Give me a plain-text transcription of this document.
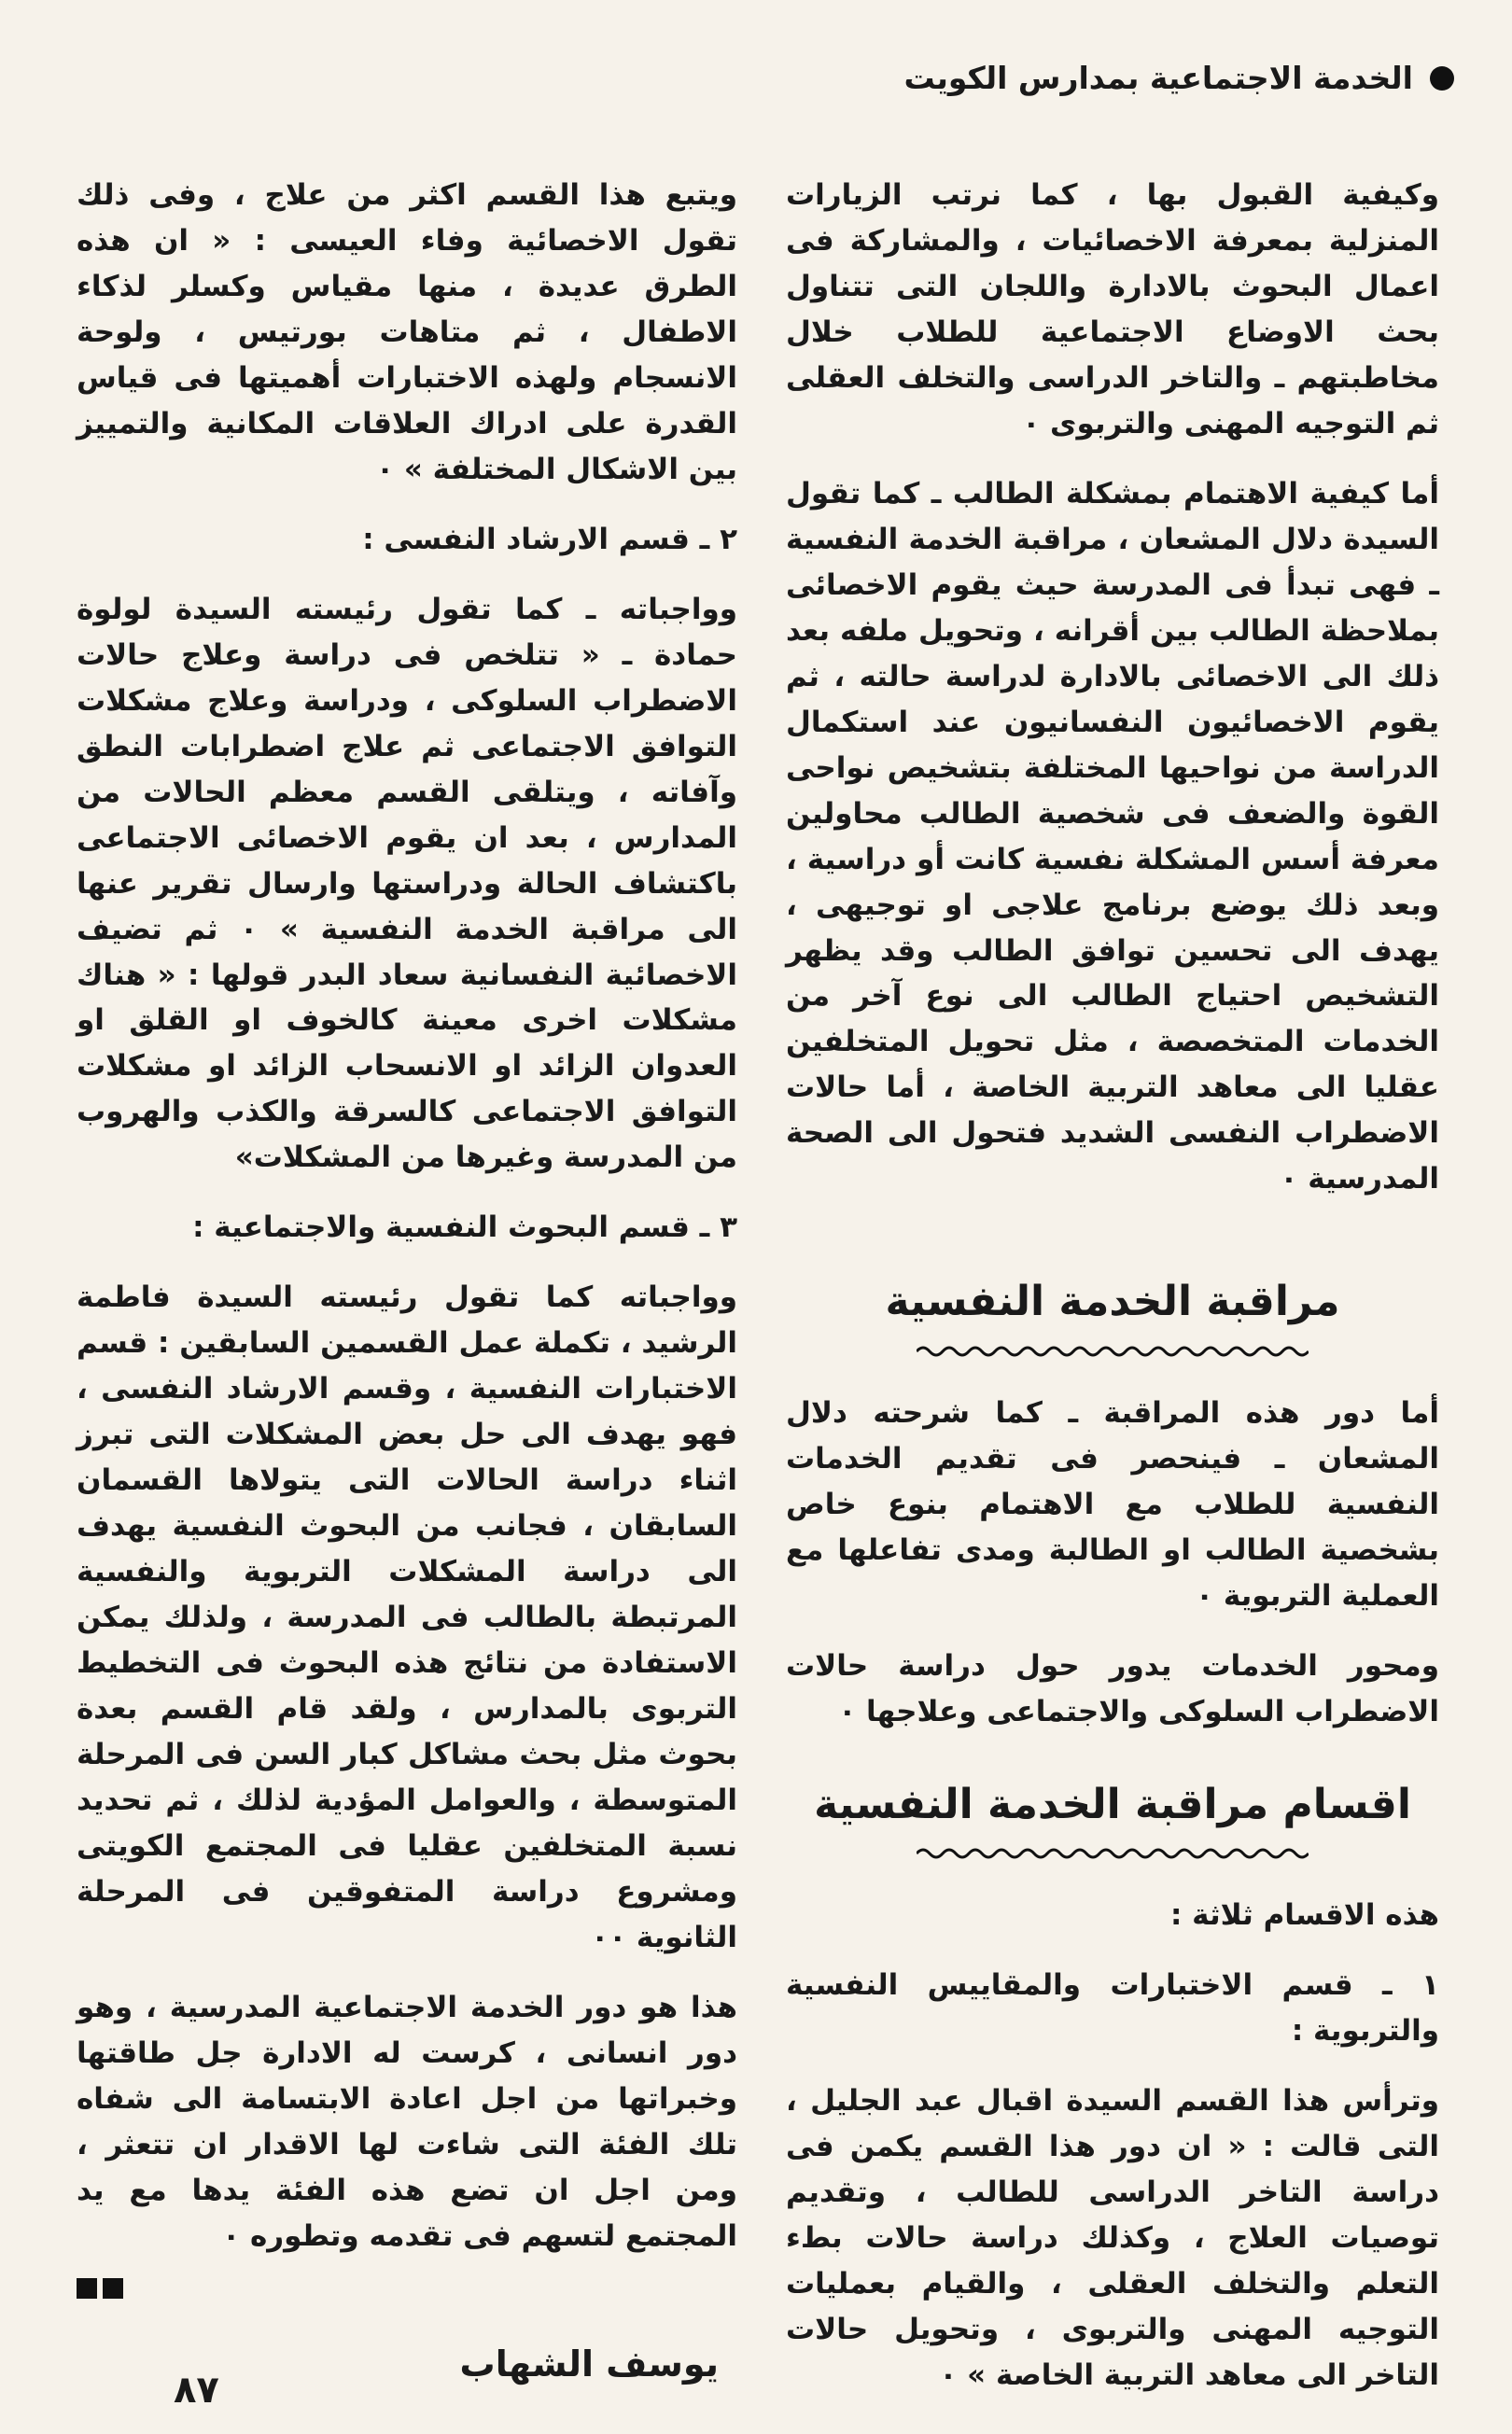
الخدمة الاجتماعية بمدارس الكويت

وكيفية القبول بها ، كما نرتب الزيارات المنزلية بمعرفة الاخصائيات ، والمشاركة فى اعمال البحوث بالادارة واللجان التى تتناول بحث الاوضاع الاجتماعية للطلاب خلال مخاطبتهم ـ والتاخر الدراسى والتخلف العقلى ثم التوجيه المهنى والتربوى ٠

أما كيفية الاهتمام بمشكلة الطالب ـ كما تقول السيدة دلال المشعان ، مراقبة الخدمة النفسية ـ فهى تبدأ فى المدرسة حيث يقوم الاخصائى بملاحظة الطالب بين أقرانه ، وتحويل ملفه بعد ذلك الى الاخصائى بالادارة لدراسة حالته ، ثم يقوم الاخصائيون النفسانيون عند استكمال الدراسة من نواحيها المختلفة بتشخيص نواحى القوة والضعف فى شخصية الطالب محاولين معرفة أسس المشكلة نفسية كانت أو دراسية ، وبعد ذلك يوضع برنامج علاجى او توجيهى ، يهدف الى تحسين توافق الطالب وقد يظهر التشخيص احتياج الطالب الى نوع آخر من الخدمات المتخصصة ، مثل تحويل المتخلفين عقليا الى معاهد التربية الخاصة ، أما حالات الاضطراب النفسى الشديد فتحول الى الصحة المدرسية ٠

مراقبة الخدمة النفسية

أما دور هذه المراقبة ـ كما شرحته دلال المشعان ـ فينحصر فى تقديم الخدمات النفسية للطلاب مع الاهتمام بنوع خاص بشخصية الطالب او الطالبة ومدى تفاعلها مع العملية التربوية ٠

ومحور الخدمات يدور حول دراسة حالات الاضطراب السلوكى والاجتماعى وعلاجها ٠

اقسام مراقبة الخدمة النفسية

هذه الاقسام ثلاثة :

١ ـ قسم الاختبارات والمقاييس النفسية والتربوية :

وترأس هذا القسم السيدة اقبال عبد الجليل ، التى قالت : « ان دور هذا القسم يكمن فى دراسة التاخر الدراسى للطالب ، وتقديم توصيات العلاج ، وكذلك دراسة حالات بطء التعلم والتخلف العقلى ، والقيام بعمليات التوجيه المهنى والتربوى ، وتحويل حالات التاخر الى معاهد التربية الخاصة » ٠

ويتبع هذا القسم اكثر من علاج ، وفى ذلك تقول الاخصائية وفاء العيسى : « ان هذه الطرق عديدة ، منها مقياس وكسلر لذكاء الاطفال ، ثم متاهات بورتيس ، ولوحة الانسجام ولهذه الاختبارات أهميتها فى قياس القدرة على ادراك العلاقات المكانية والتمييز بين الاشكال المختلفة » ٠

٢ ـ قسم الارشاد النفسى :

وواجباته ـ كما تقول رئيسته السيدة لولوة حمادة ـ « تتلخص فى دراسة وعلاج حالات الاضطراب السلوكى ، ودراسة وعلاج مشكلات التوافق الاجتماعى ثم علاج اضطرابات النطق وآفاته ، ويتلقى القسم معظم الحالات من المدارس ، بعد ان يقوم الاخصائى الاجتماعى باكتشاف الحالة ودراستها وارسال تقرير عنها الى مراقبة الخدمة النفسية » ٠ ثم تضيف الاخصائية النفسانية سعاد البدر قولها : « هناك مشكلات اخرى معينة كالخوف او القلق او العدوان الزائد او الانسحاب الزائد او مشكلات التوافق الاجتماعى كالسرقة والكذب والهروب من المدرسة وغيرها من المشكلات»

٣ ـ قسم البحوث النفسية والاجتماعية :

وواجباته كما تقول رئيسته السيدة فاطمة الرشيد ، تكملة عمل القسمين السابقين : قسم الاختبارات النفسية ، وقسم الارشاد النفسى ، فهو يهدف الى حل بعض المشكلات التى تبرز اثناء دراسة الحالات التى يتولاها القسمان السابقان ، فجانب من البحوث النفسية يهدف الى دراسة المشكلات التربوية والنفسية المرتبطة بالطالب فى المدرسة ، ولذلك يمكن الاستفادة من نتائج هذه البحوث فى التخطيط التربوى بالمدارس ، ولقد قام القسم بعدة بحوث مثل بحث مشاكل كبار السن فى المرحلة المتوسطة ، والعوامل المؤدية لذلك ، ثم تحديد نسبة المتخلفين عقليا فى المجتمع الكويتى ومشروع دراسة المتفوقين فى المرحلة الثانوية ٠٠

هذا هو دور الخدمة الاجتماعية المدرسية ، وهو دور انسانى ، كرست له الادارة جل طاقتها وخبراتها من اجل اعادة الابتسامة الى شفاه تلك الفئة التى شاءت لها الاقدار ان تتعثر ، ومن اجل ان تضع هذه الفئة يدها مع يد المجتمع لتسهم فى تقدمه وتطوره ٠

يوسف الشهاب
٨٧
